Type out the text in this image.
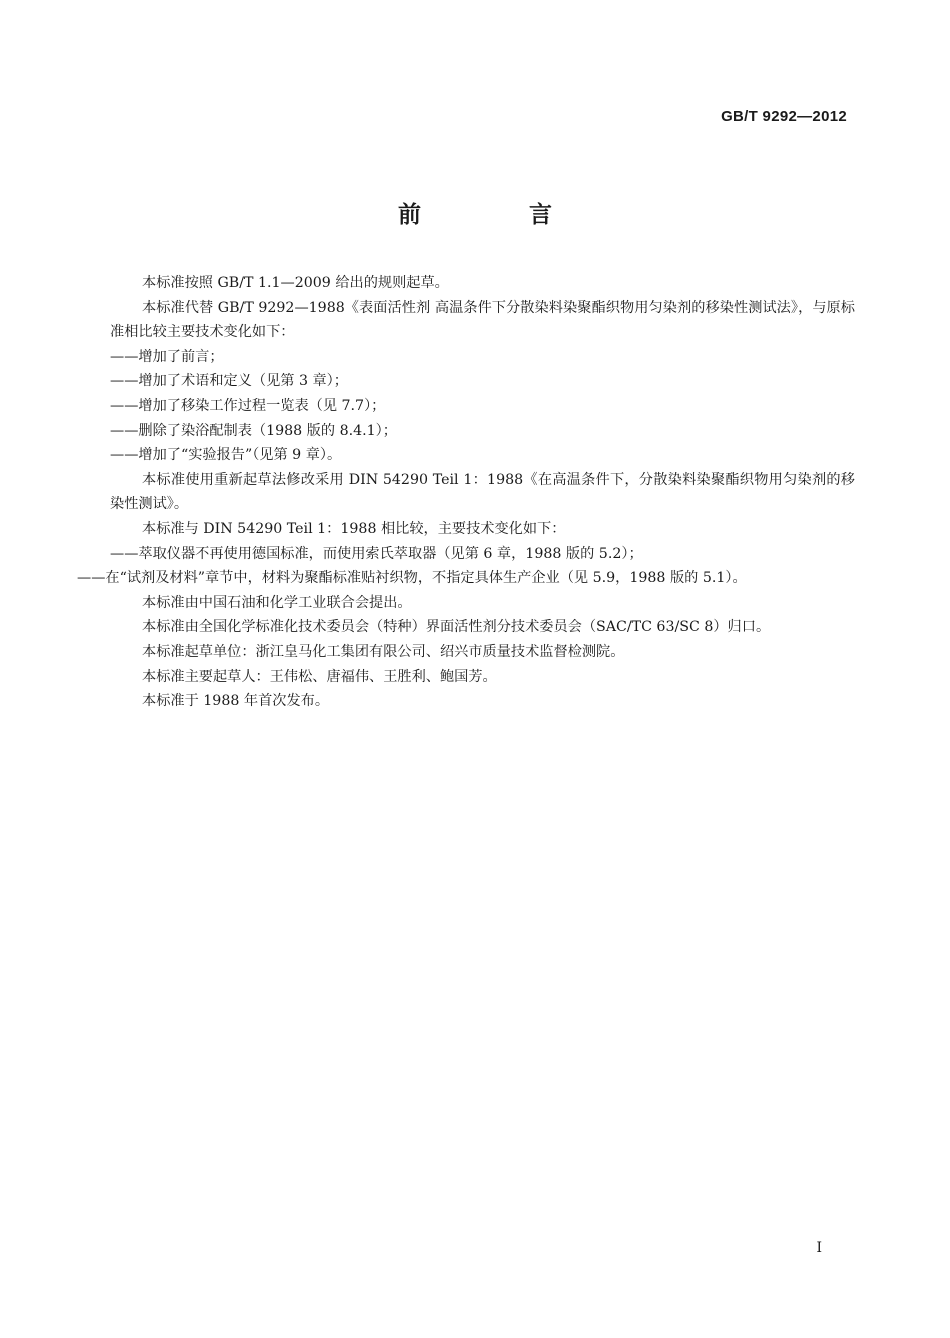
GB/T 9292—2012
前 言

本标准按照 GB/T 1.1—2009 给出的规则起草。

本标准代替 GB/T 9292—1988《表面活性剂 高温条件下分散染料染聚酯织物用匀染剂的移染性测试法》，与原标准相比较主要技术变化如下：

——增加了前言；

——增加了术语和定义（见第 3 章）；

——增加了移染工作过程一览表（见 7.7）；

——删除了染浴配制表（1988 版的 8.4.1）；

——增加了“实验报告”（见第 9 章）。

本标准使用重新起草法修改采用 DIN 54290 Teil 1：1988《在高温条件下，分散染料染聚酯织物用匀染剂的移染性测试》。

本标准与 DIN 54290 Teil 1：1988 相比较，主要技术变化如下：

——萃取仪器不再使用德国标准，而使用索氏萃取器（见第 6 章，1988 版的 5.2）；

——在“试剂及材料”章节中，材料为聚酯标准贴衬织物，不指定具体生产企业（见 5.9，1988 版的 5.1）。

本标准由中国石油和化学工业联合会提出。

本标准由全国化学标准化技术委员会（特种）界面活性剂分技术委员会（SAC/TC 63/SC 8）归口。

本标准起草单位：浙江皇马化工集团有限公司、绍兴市质量技术监督检测院。

本标准主要起草人：王伟松、唐福伟、王胜利、鲍国芳。

本标准于 1988 年首次发布。

I
